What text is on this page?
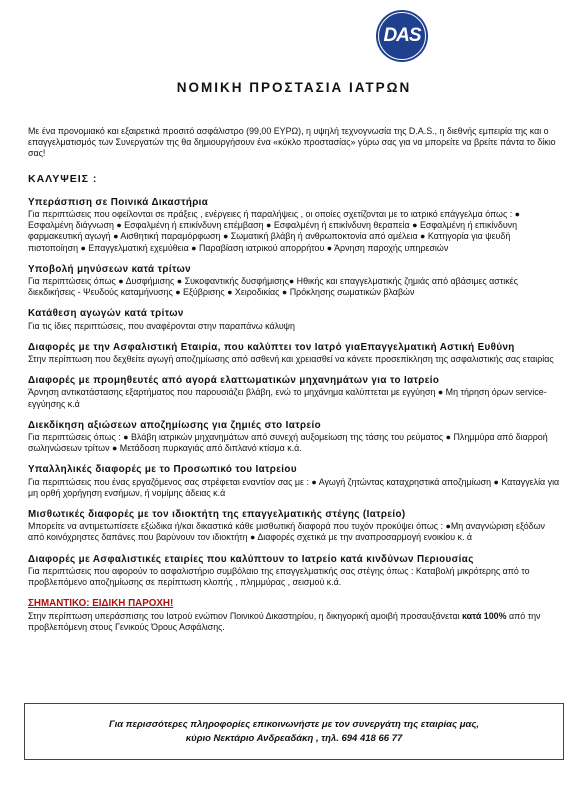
DAS
ΝΟΜΙΚΗ ΠΡΟΣΤΑΣΙΑ ΙΑΤΡΩΝ

Με ένα προνομιακό και εξαιρετικά προσιτό ασφάλιστρο (99,00 ΕΥΡΩ), η υψηλή τεχνογνωσία της D.A.S., η διεθνής εμπειρία της και ο επαγγελματισμός των Συνεργατών της θα δημιουργήσουν ένα «κύκλο προστασίας» γύρω σας για να μπορείτε να βρείτε πάντα το δίκιο σας!

ΚΑΛΥΨΕΙΣ :
Υπεράσπιση σε Ποινικά Δικαστήρια

Για περιπτώσεις που οφείλονται σε πράξεις , ενέργειες ή παραλήψεις , οι οποίες σχετίζονται με το ιατρικό επάγγελμα όπως : ● Εσφαλμένη διάγνωση ● Εσφαλμένη ή επικίνδυνη επέμβαση ● Εσφαλμένη ή επικίνδυνη θεραπεία ● Εσφαλμένη ή επικίνδυνη φαρμακευτική αγωγή ● Αισθητική παραμόρφωση ● Σωματική βλάβη ή ανθρωποκτονία από αμέλεια ● Κατηγορία για ψευδή πιστοποίηση ● Επαγγελματική εχεμύθεια ● Παραβίαση ιατρικού απορρήτου ● Άρνηση παροχής υπηρεσιών

Υποβολή μηνύσεων κατά τρίτων

Για περιπτώσεις όπως ● Δυσφήμισης ● Συκοφαντικής δυσφήμισης● Ηθικής και επαγγελματικής ζημιάς από αβάσιμες αστικές διεκδικήσεις - Ψευδούς καταμήνυσης ● Εξύβρισης ● Χειροδικίας ● Πρόκλησης σωματικών βλαβών

Κατάθεση αγωγών κατά τρίτων

Για τις ίδιες περιπτώσεις, που αναφέρονται στην παραπάνω κάλυψη

Διαφορές με την Ασφαλιστική Εταιρία, που καλύπτει τον Ιατρό γιαΕπαγγελματική Αστική Ευθύνη

Στην περίπτωση που δεχθείτε αγωγή αποζημίωσης από ασθενή και χρειασθεί να κάνετε προσεπίκληση της ασφαλιστικής σας εταιρίας

Διαφορές με προμηθευτές από αγορά ελαττωματικών μηχανημάτων για το Ιατρείο

Άρνηση αντικατάστασης εξαρτήματος που παρουσιάζει βλάβη, ενώ το μηχάνημα καλύπτεται με εγγύηση ● Μη τήρηση όρων service-εγγύησης κ.ά

Διεκδίκηση αξιώσεων αποζημίωσης για ζημιές στο Ιατρείο

Για περιπτώσεις όπως : ● Βλάβη ιατρικών μηχανημάτων από συνεχή αυξομείωση της τάσης του ρεύματος ● Πλημμύρα από διαρροή σωληνώσεων τρίτων ● Μετάδοση πυρκαγιάς από διπλανό κτίσμα κ.ά.

Υπαλληλικές διαφορές με το Προσωπικό του Ιατρείου

Για περιπτώσεις που ένας εργαζόμενος σας στρέφεται εναντίον σας με : ● Αγωγή ζητώντας καταχρηστικά αποζημίωση ● Καταγγελία για μη ορθή χορήγηση ενσήμων, ή νομίμης άδειας κ.ά

Μισθωτικές διαφορές με τον ιδιοκτήτη της επαγγελματικής στέγης (Ιατρείο)

Μπορείτε να αντιμετωπίσετε εξώδικα ή/και δικαστικά κάθε μισθωτική διαφορά που τυχόν προκύψει όπως : ●Μη αναγνώριση εξόδων από κοινόχρηστες δαπάνες που βαρύνουν τον ιδιοκτήτη ● Διαφορές σχετικά με την αναπροσαρμογή ενοικίου κ. ά

Διαφορές με Ασφαλιστικές εταιρίες που καλύπτουν το Ιατρείο κατά κινδύνων Περιουσίας

Για περιπτώσεις που αφορούν το ασφαλιστήριο συμβόλαιο της επαγγελματικής σας στέγης όπως : Καταβολή μικρότερης από το προβλεπόμενο αποζημίωσης σε περίπτωση κλοπής , πλημμύρας , σεισμού κ.ά.

ΣΗΜΑΝΤΙΚΟ: ΕΙΔΙΚΗ ΠΑΡΟΧΗ!

Στην περίπτωση υπεράσπισης του Ιατρού ενώπιον Ποινικού Δικαστηρίου, η δικηγορική αμοιβή προσαυξάνεται κατά 100% από την προβλεπόμενη στους Γενικούς Όρους Ασφάλισης.

Για περισσότερες πληροφορίες επικοινωνήστε με τον συνεργάτη της εταιρίας μας,
κύριο Νεκτάριο Ανδρεαδάκη , τηλ. 694 418 66 77
